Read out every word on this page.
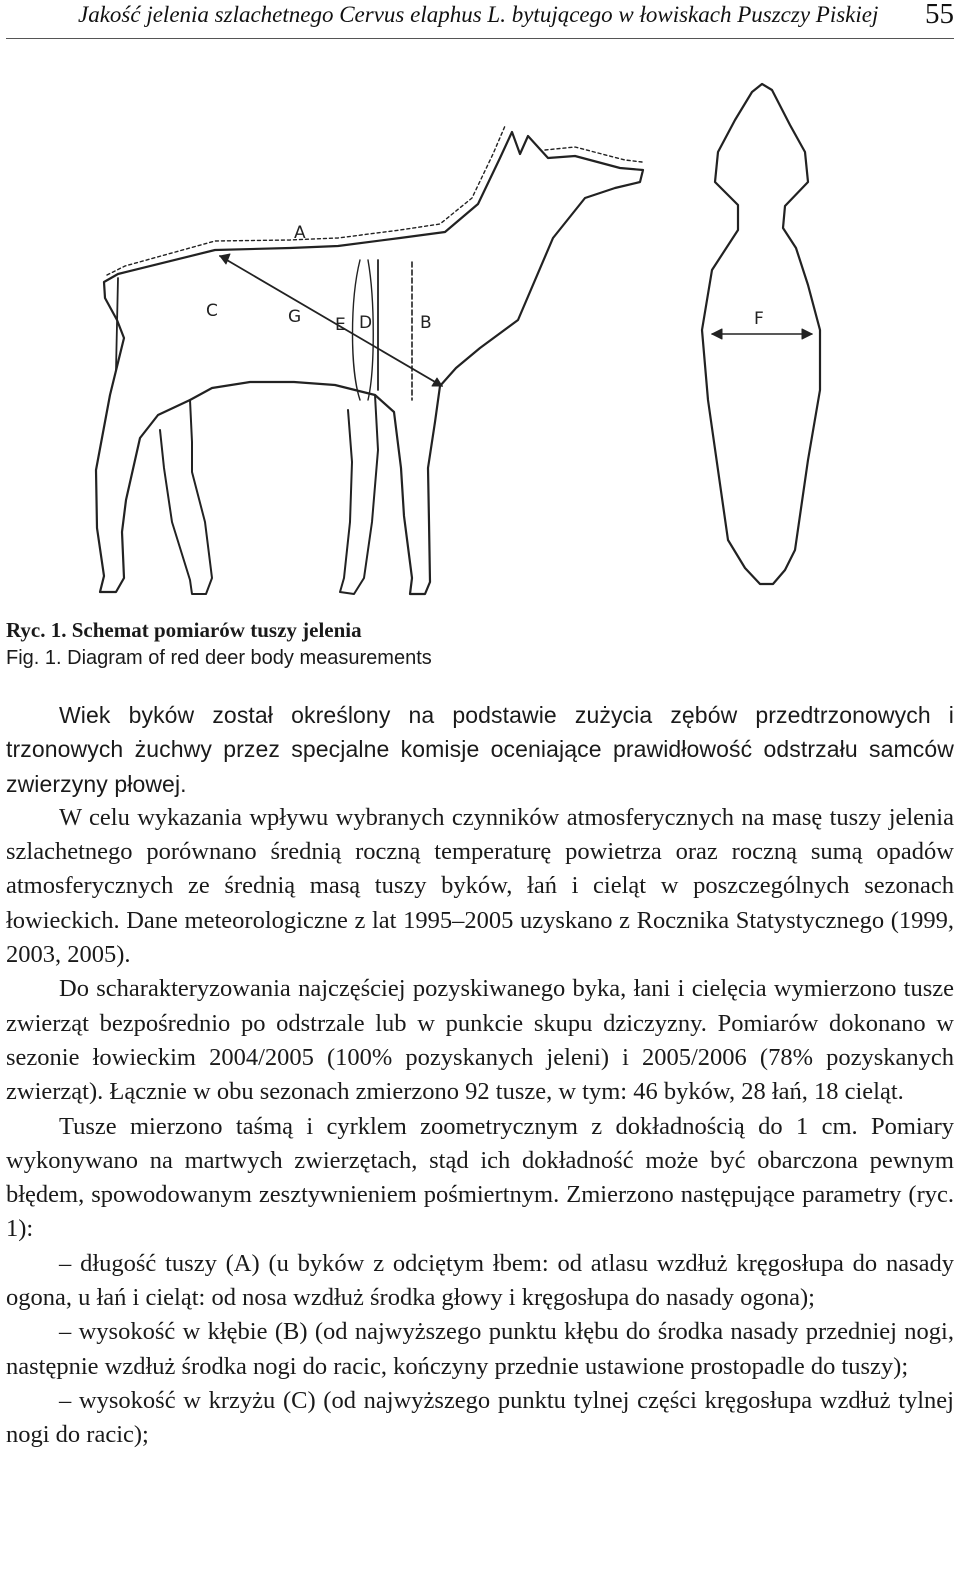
Jakość jelenia szlachetnego Cervus elaphus L. bytującego w łowiskach Puszczy Piskiej 55
A
C	G E D	B	F
Ryc. 1. Schemat pomiarów tuszy jelenia
Fig. 1. Diagram of red deer body measurements

Wiek byków został określony na podstawie zużycia zębów przedtrzonowych i trzonowych żuchwy przez specjalne komisje oceniające prawidłowość odstrzału samców zwierzyny płowej.

W celu wykazania wpływu wybranych czynników atmosferycznych na masę tuszy jelenia szlachetnego porównano średnią roczną temperaturę powietrza oraz roczną sumą opadów atmosferycznych ze średnią masą tuszy byków, łań i cieląt w poszczególnych sezonach łowieckich. Dane meteorologiczne z lat 1995–2005 uzyskano z Rocznika Statystycznego (1999, 2003, 2005).

Do scharakteryzowania najczęściej pozyskiwanego byka, łani i cielęcia wymierzono tusze zwierząt bezpośrednio po odstrzale lub w punkcie skupu dziczyzny. Pomiarów dokonano w sezonie łowieckim 2004/2005 (100% pozyskanych jeleni) i 2005/2006 (78% pozyskanych zwierząt). Łącznie w obu sezonach zmierzono 92 tusze, w tym: 46 byków, 28 łań, 18 cieląt.

Tusze mierzono taśmą i cyrklem zoometrycznym z dokładnością do 1 cm. Pomiary wykonywano na martwych zwierzętach, stąd ich dokładność może być obarczona pewnym błędem, spowodowanym zesztywnieniem pośmiertnym. Zmierzono następujące parametry (ryc. 1):

– długość tuszy (A) (u byków z odciętym łbem: od atlasu wzdłuż kręgosłupa do nasady ogona, u łań i cieląt: od nosa wzdłuż środka głowy i kręgosłupa do nasady ogona);

– wysokość w kłębie (B) (od najwyższego punktu kłębu do środka nasady przedniej nogi, następnie wzdłuż środka nogi do racic, kończyny przednie ustawione prostopadle do tuszy);

– wysokość w krzyżu (C) (od najwyższego punktu tylnej części kręgosłupa wzdłuż tylnej nogi do racic);
